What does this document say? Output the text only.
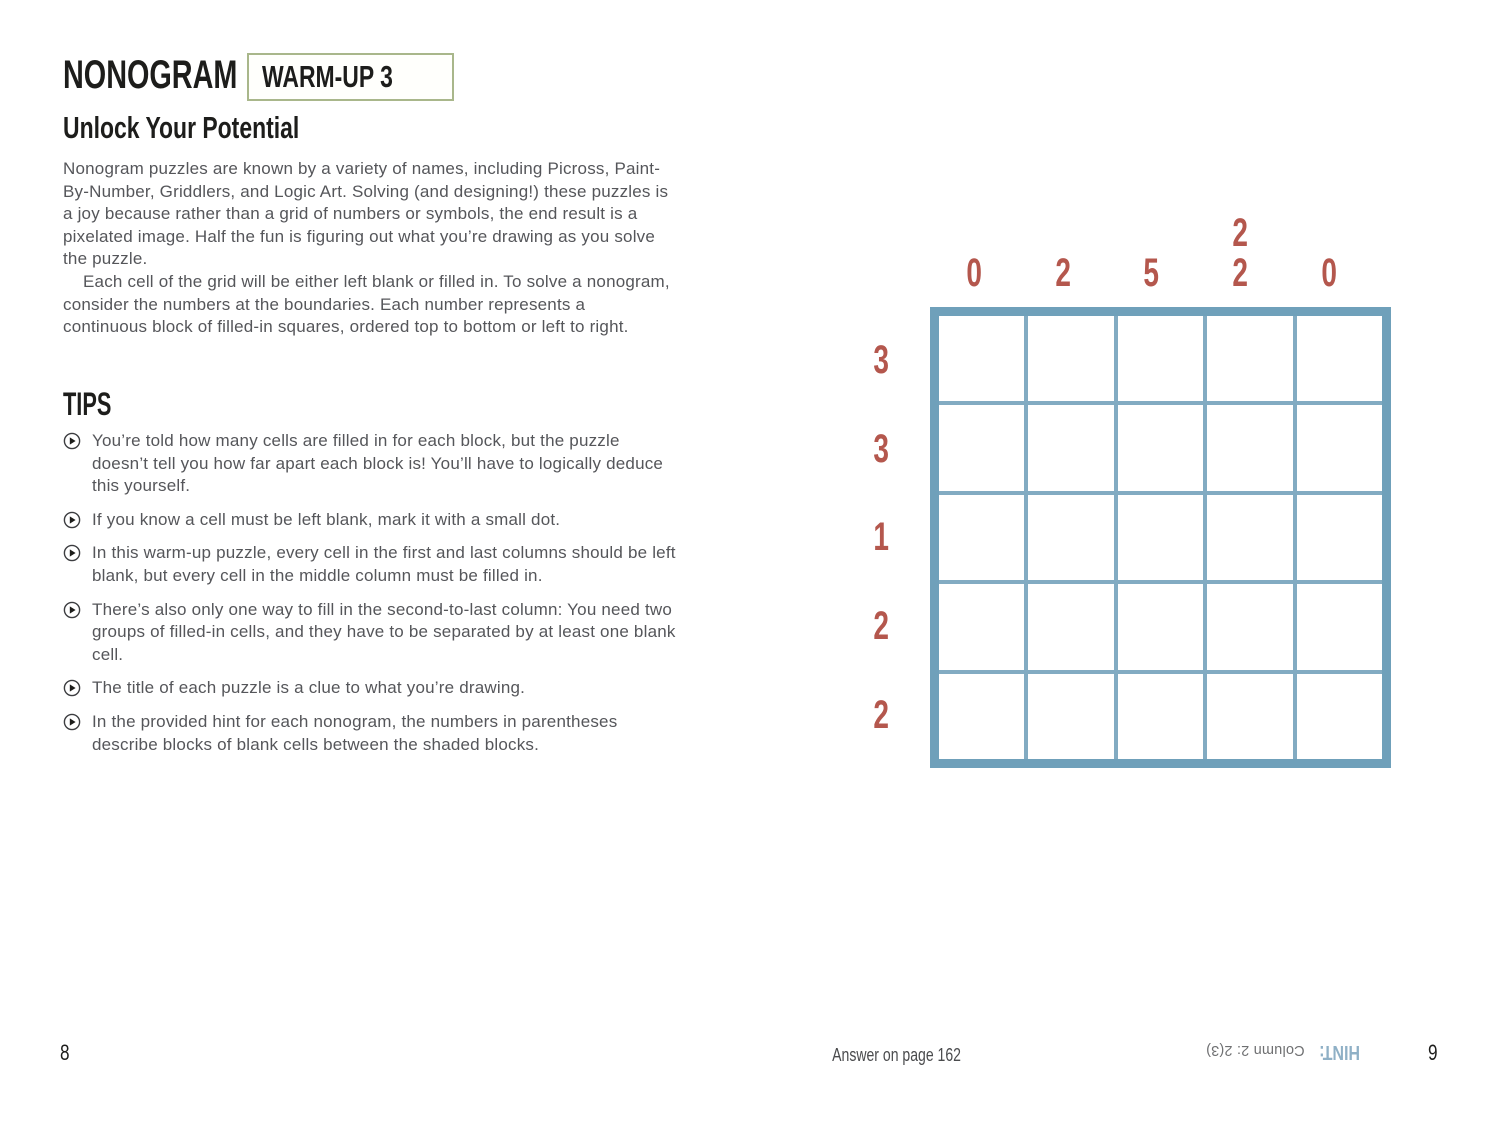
NONOGRAM WARM-UP 3
Unlock Your Potential

Nonogram puzzles are known by a variety of names, including Picross, Paint-By-Number, Griddlers, and Logic Art. Solving (and designing!) these puzzles is a joy because rather than a grid of numbers or symbols, the end result is a pixelated image. Half the fun is figuring out what you’re drawing as you solve the puzzle.

Each cell of the grid will be either left blank or filled in. To solve a nonogram, consider the numbers at the boundaries. Each number represents a continuous block of filled-in squares, ordered top to bottom or left to right.

TIPS
You’re told how many cells are filled in for each block, but the puzzle doesn’t tell you how far apart each block is! You’ll have to logically deduce this yourself.
If you know a cell must be left blank, mark it with a small dot.
In this warm-up puzzle, every cell in the first and last columns should be left blank, but every cell in the middle column must be filled in.
There’s also only one way to fill in the second-to-last column: You need two groups of filled-in cells, and they have to be separated by at least one blank cell.
The title of each puzzle is a clue to what you’re drawing.
In the provided hint for each nonogram, the numbers in parentheses describe blocks of blank cells between the shaded blocks.
0 2 5
2
2 0
3
3
1
2
2
8	Answer on page 162	HINT: Column 2: 2(3)	9
